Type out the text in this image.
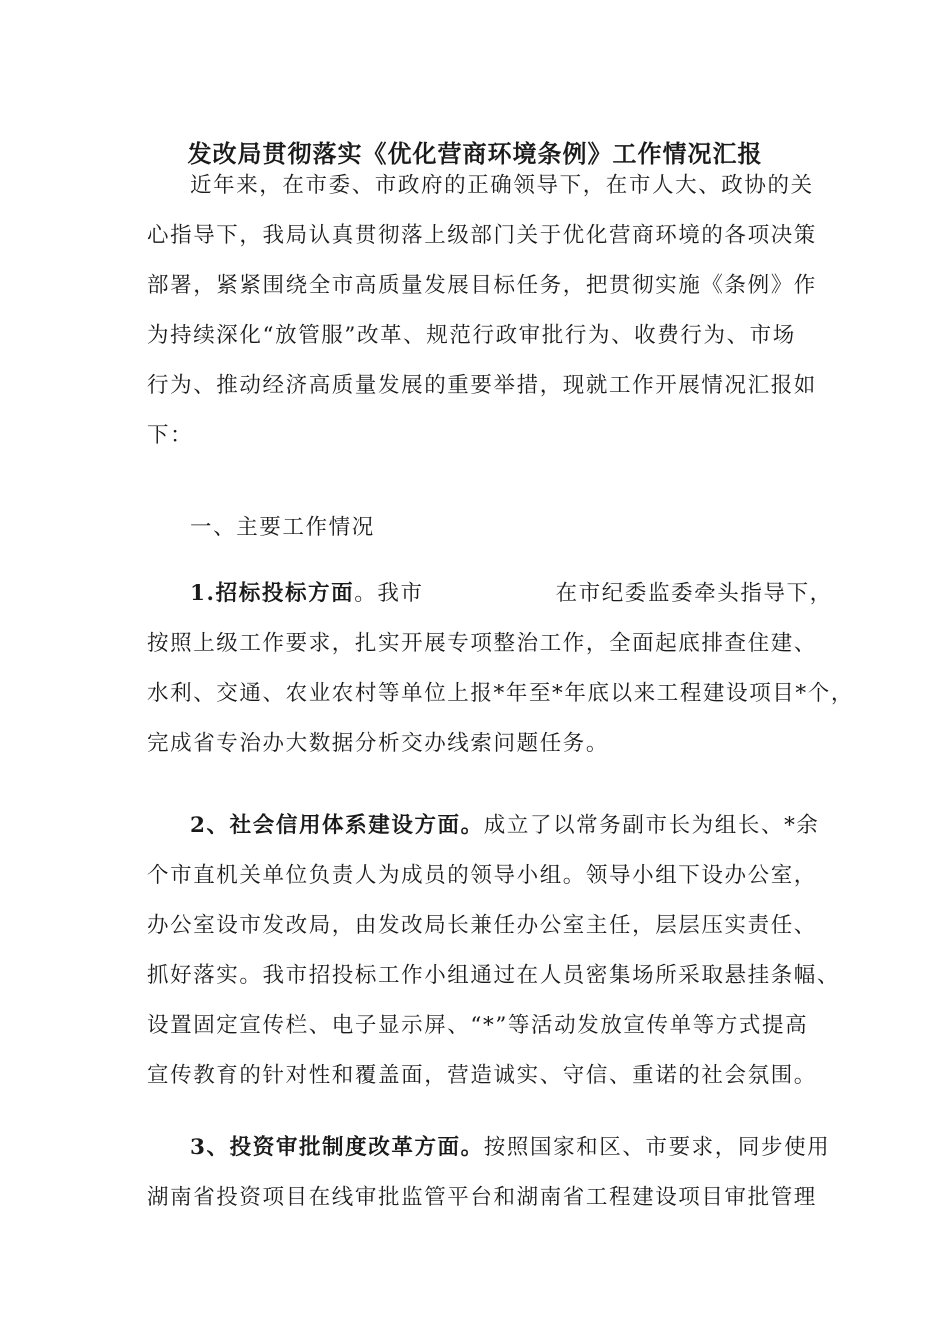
发改局贯彻落实《优化营商环境条例》工作情况汇报
近年来，在市委、市政府的正确领导下，在市人大、政协的关
心指导下，我局认真贯彻落上级部门关于优化营商环境的各项决策
部署，紧紧围绕全市高质量发展目标任务，把贯彻实施《条例》作
为持续深化“放管服”改革、规范行政审批行为、收费行为、市场
行为、推动经济高质量发展的重要举措，现就工作开展情况汇报如
下：
一、主要工作情况
1.招标投标方面。我市	在市纪委监委牵头指导下，
按照上级工作要求，扎实开展专项整治工作，全面起底排查住建、
水利、交通、农业农村等单位上报*年至*年底以来工程建设项目*个，
完成省专治办大数据分析交办线索问题任务。
2、社会信用体系建设方面。成立了以常务副市长为组长、*余
个市直机关单位负责人为成员的领导小组。领导小组下设办公室，
办公室设市发改局，由发改局长兼任办公室主任，层层压实责任、
抓好落实。我市招投标工作小组通过在人员密集场所采取悬挂条幅、
设置固定宣传栏、电子显示屏、“*”等活动发放宣传单等方式提高
宣传教育的针对性和覆盖面，营造诚实、守信、重诺的社会氛围。
3、投资审批制度改革方面。按照国家和区、市要求，同步使用
湖南省投资项目在线审批监管平台和湖南省工程建设项目审批管理
